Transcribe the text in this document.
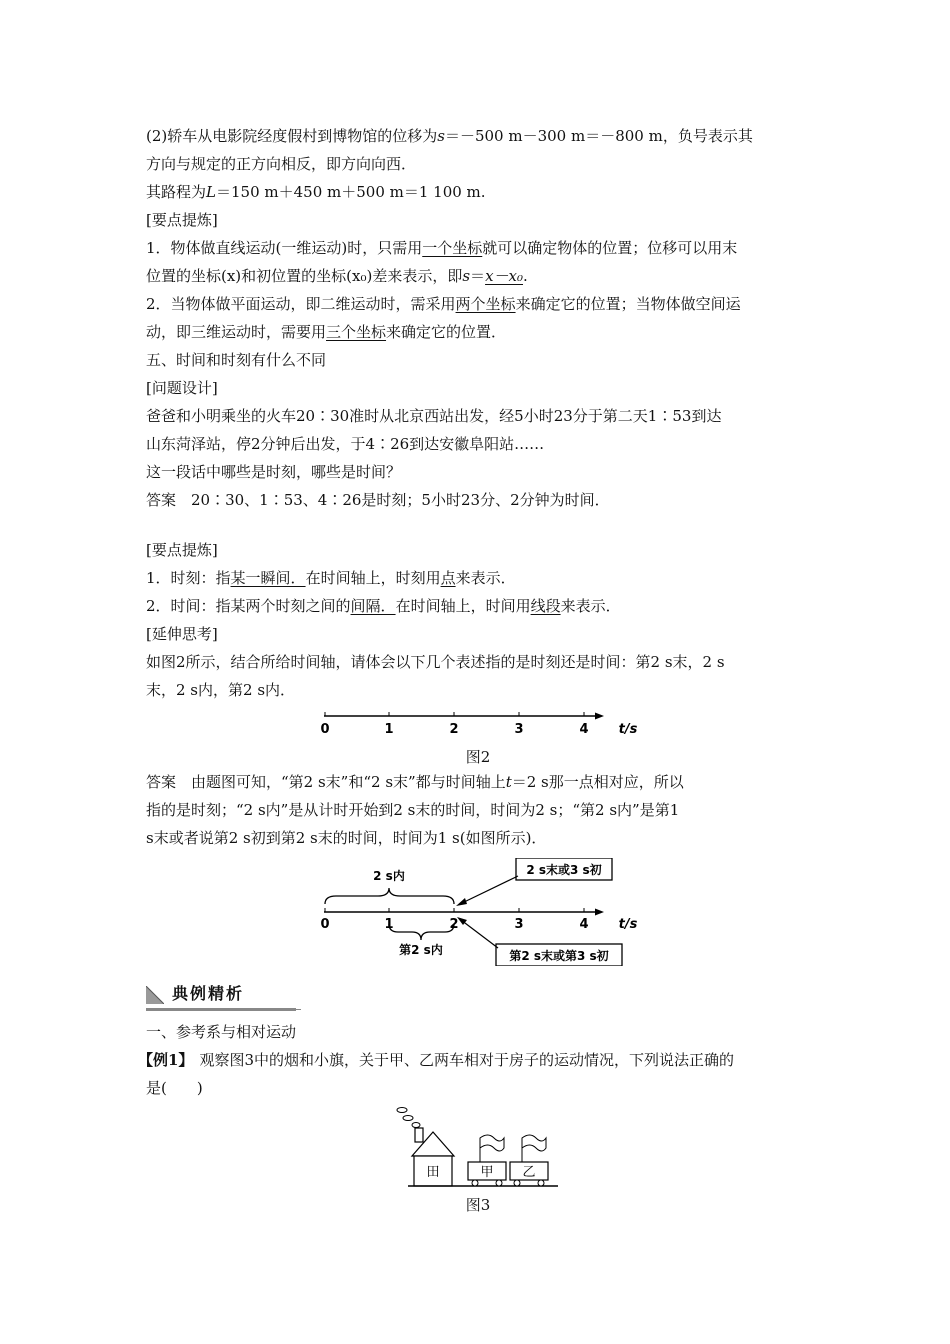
(2)轿车从电影院经度假村到博物馆的位移为s＝－500 m－300 m＝－800 m，负号表示其

方向与规定的正方向相反，即方向向西．

其路程为L＝150 m＋450 m＋500 m＝1 100 m.

[要点提炼]

1．物体做直线运动(一维运动)时，只需用一个坐标就可以确定物体的位置；位移可以用末

位置的坐标(x)和初位置的坐标(x₀)差来表示，即s＝x－x₀.

2．当物体做平面运动，即二维运动时，需采用两个坐标来确定它的位置；当物体做空间运

动，即三维运动时，需要用三个坐标来确定它的位置．

五、时间和时刻有什么不同

[问题设计]

爸爸和小明乘坐的火车20∶30准时从北京西站出发，经5小时23分于第二天1∶53到达

山东菏泽站，停2分钟后出发，于4∶26到达安徽阜阳站……

这一段话中哪些是时刻，哪些是时间？

答案　20∶30、1∶53、4∶26是时刻；5小时23分、2分钟为时间．

[要点提炼]

1．时刻：指某一瞬间．在时间轴上，时刻用点来表示．

2．时间：指某两个时刻之间的间隔．在时间轴上，时间用线段来表示．

[延伸思考]

如图2所示，结合所给时间轴，请体会以下几个表述指的是时刻还是时间：第2 s末，2 s

末，2 s内，第2 s内．

0	1	2	3	4 t/s

图2

答案　由题图可知，“第2 s末”和“2 s末”都与时间轴上t＝2 s那一点相对应，所以

指的是时刻；“2 s内”是从计时开始到2 s末的时间，时间为2 s；“第2 s内”是第1

s末或者说第2 s初到第2 s末的时间，时间为1 s(如图所示)．

2 s内	2 s末或3 s初
0	1	2	3	4 t/s
第2 s内	第2 s末或第3 s初
典例精析

一、参考系与相对运动

【例1】 观察图3中的烟和小旗，关于甲、乙两车相对于房子的运动情况，下列说法正确的

是(　　)

田	甲 乙

图3
